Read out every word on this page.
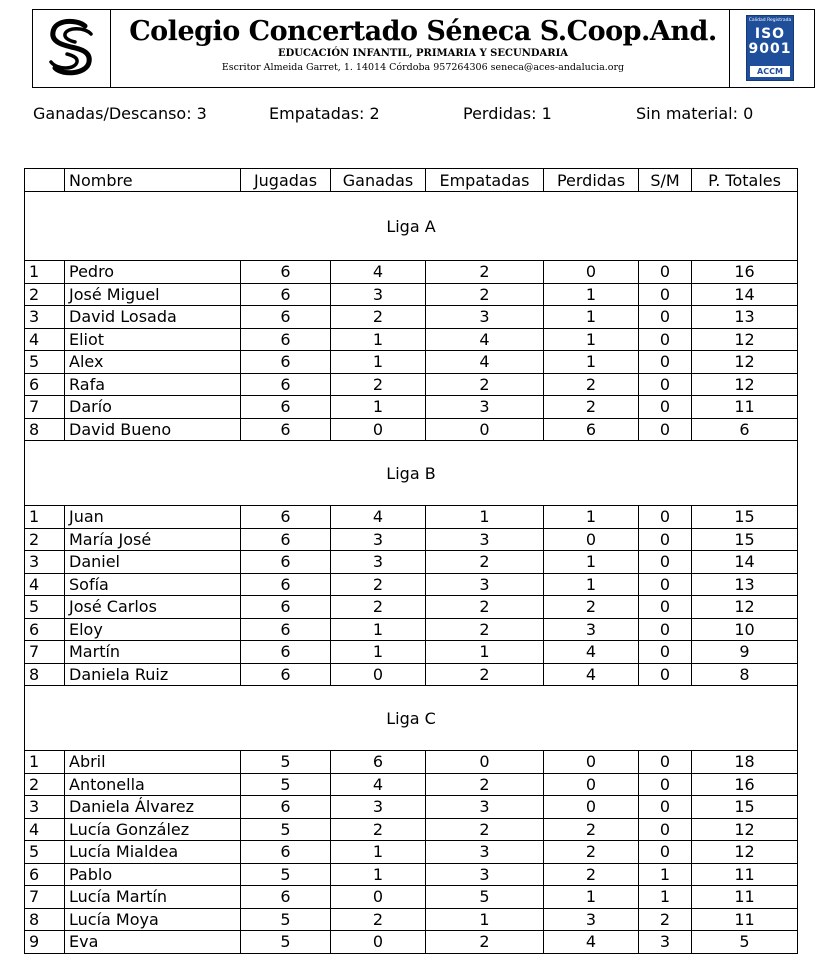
Colegio Concertado Séneca S.Coop.And.
EDUCACIÓN INFANTIL, PRIMARIA Y SECUNDARIA
Escritor Almeida Garret, 1. 14014 Córdoba 957264306 seneca@aces-andalucia.org
Calidad Registrada
ISO
9001
ACCM
Ganadas/Descanso: 3	Empatadas: 2	Perdidas: 1	Sin material: 0
	Nombre	Jugadas	Ganadas	Empatadas	Perdidas	S/M	P. Totales
Liga A							
1	Pedro	6	4	2	0	0	16
2	José Miguel	6	3	2	1	0	14
3	David Losada	6	2	3	1	0	13
4	Eliot	6	1	4	1	0	12
5	Alex	6	1	4	1	0	12
6	Rafa	6	2	2	2	0	12
7	Darío	6	1	3	2	0	11
8	David Bueno	6	0	0	6	0	6
Liga B							
1	Juan	6	4	1	1	0	15
2	María José	6	3	3	0	0	15
3	Daniel	6	3	2	1	0	14
4	Sofía	6	2	3	1	0	13
5	José Carlos	6	2	2	2	0	12
6	Eloy	6	1	2	3	0	10
7	Martín	6	1	1	4	0	9
8	Daniela Ruiz	6	0	2	4	0	8
Liga C							
1	Abril	5	6	0	0	0	18
2	Antonella	5	4	2	0	0	16
3	Daniela Álvarez	6	3	3	0	0	15
4	Lucía González	5	2	2	2	0	12
5	Lucía Mialdea	6	1	3	2	0	12
6	Pablo	5	1	3	2	1	11
7	Lucía Martín	6	0	5	1	1	11
8	Lucía Moya	5	2	1	3	2	11
9	Eva	5	0	2	4	3	5
